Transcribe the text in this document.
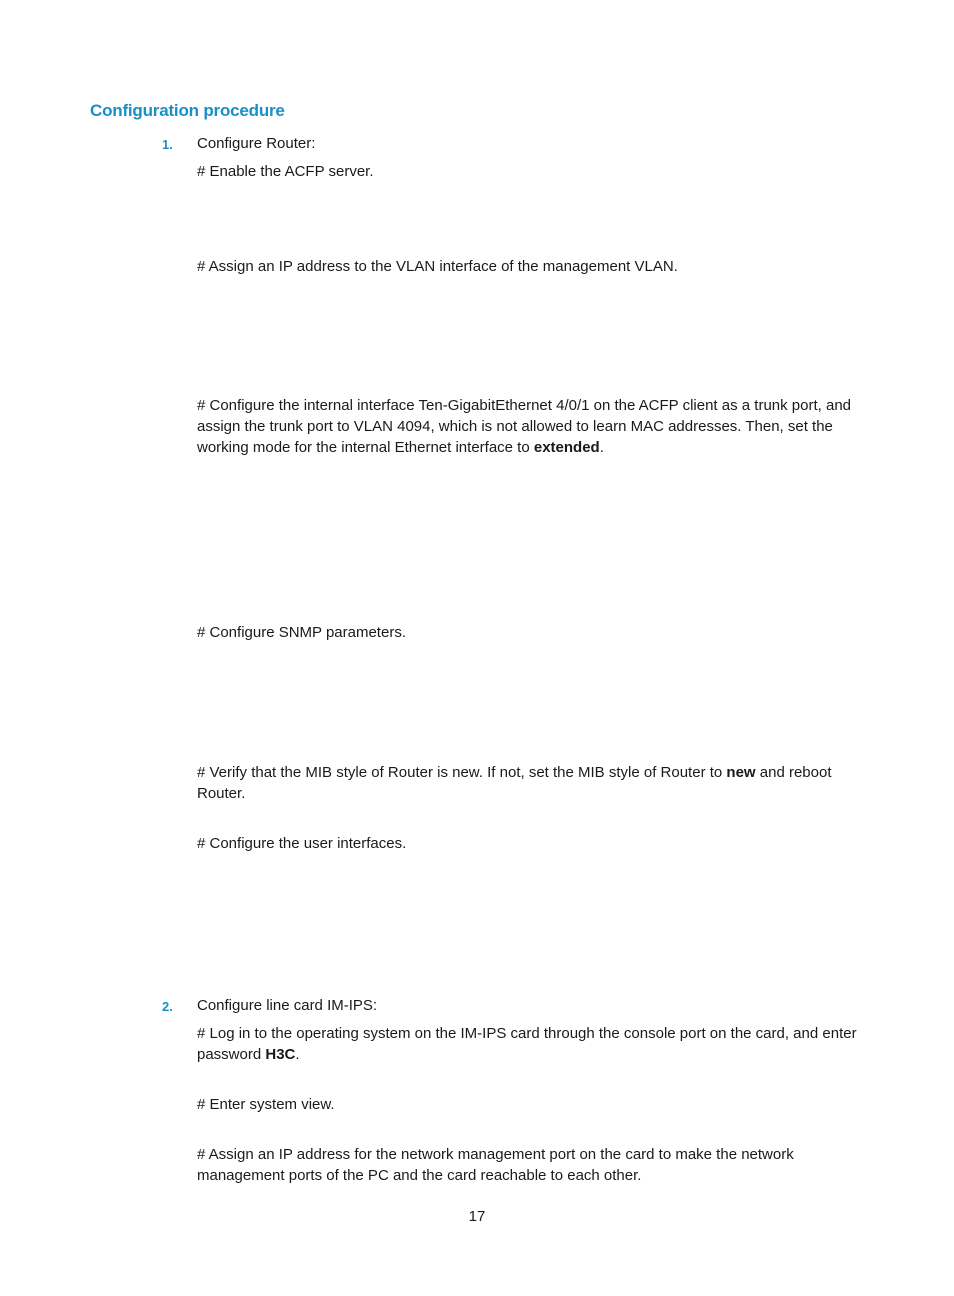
Configuration procedure
1. Configure Router:
# Enable the ACFP server.
# Assign an IP address to the VLAN interface of the management VLAN.
# Configure the internal interface Ten-GigabitEthernet 4/0/1 on the ACFP client as a trunk port, and assign the trunk port to VLAN 4094, which is not allowed to learn MAC addresses. Then, set the working mode for the internal Ethernet interface to extended.
# Configure SNMP parameters.
# Verify that the MIB style of Router is new. If not, set the MIB style of Router to new and reboot Router.
# Configure the user interfaces.
2. Configure line card IM-IPS:
# Log in to the operating system on the IM-IPS card through the console port on the card, and enter password H3C.
# Enter system view.
# Assign an IP address for the network management port on the card to make the network management ports of the PC and the card reachable to each other.
17
